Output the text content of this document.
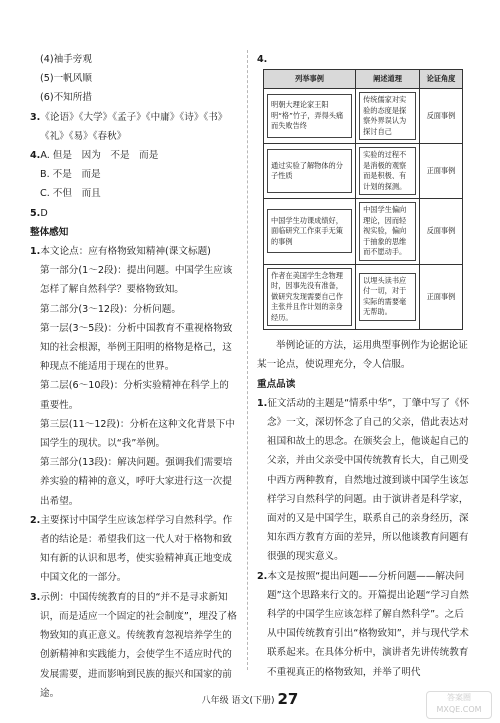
(4)袖手旁观

(5)一帆风顺

(6)不知所措

3.《论语》《大学》《孟子》《中庸》《诗》《书》《礼》《易》《春秋》

4.A. 但是　因为　不是　而是

B. 不是　而是

C. 不但　而且

5.D

整体感知

1.本文论点：应有格物致知精神(课文标题)

第一部分(1～2段)：提出问题。中国学生应该怎样了解自然科学？要格物致知。

第二部分(3～12段)：分析问题。

第一层(3～5段)：分析中国教育不重视格物致知的社会根源，举例王阳明的格物是格己，这种现点不能适用于现在的世界。

第二层(6～10段)：分析实验精神在科学上的重要性。

第三层(11～12段)：分析在这种文化背景下中国学生的现状。以“我”举例。

第三部分(13段)：解决问题。强调我们需要培养实验的精神的意义，呼吁大家进行这一次提出希望。

2.主要探讨中国学生应该怎样学习自然科学。作者的结论是：希望我们这一代人对于格物和致知有新的认识和思考，使实验精神真正地变成中国文化的一部分。

3.示例：中国传统教育的目的“并不是寻求新知识，而是适应一个固定的社会制度”，埋没了格物致知的真正意义。传统教育忽视培养学生的创新精神和实践能力，会使学生不适应时代的发展需要，进而影响到民族的振兴和国家的前途。

4.

列举事例	阐述道理	论证角度

明朝大理论家王阳明“格”竹子，弄得头痛而失败告终	传统儒家对实验的态度是探察外界误认为探讨自己	反面事例

通过实验了解物体的分子性质	实验的过程不是消极的观察而是积极、有计划的探测。	正面事例

中国学生功课成绩好，面临研究工作束手无策的事例	中国学生偏向理论，因而轻视实验，偏向于抽象的思维而不愿动手。	反面事例

作者在美国学生念物理时，因事先没有准备，做研究发现需要自己作主张并且作计划的亲身经历。	以埋头读书应付一切，对于实际的需要毫无帮助。	正面事例

举例论证的方法，运用典型事例作为论据论证某一论点，使说理充分，令人信服。

重点品读

1.征文活动的主题是“情系中华”，丁肇中写了《怀念》一文，深切怀念了自己的父亲，借此表达对祖国和故土的思念。在颁奖会上，他谈起自己的父亲，并由父亲受中国传统教育长大，自己则受中西方两种教育，自然地过渡到谈中国学生该怎样学习自然科学的问题。由于演讲者是科学家，面对的又是中国学生，联系自己的亲身经历，深知东西方教育方面的差异，所以他谈教育问题有很强的现实意义。

2.本文是按照“提出问题——分析问题——解决问题”这个思路来行文的。开篇提出论题“学习自然科学的中国学生应该怎样了解自然科学”。之后从中国传统教育引出“格物致知”，并与现代学术联系起来。在具体分析中，演讲者先讲传统教育不重视真正的格物致知，并举了明代

八年级 语文(下册) 27	答案圈
MXQE.COM
